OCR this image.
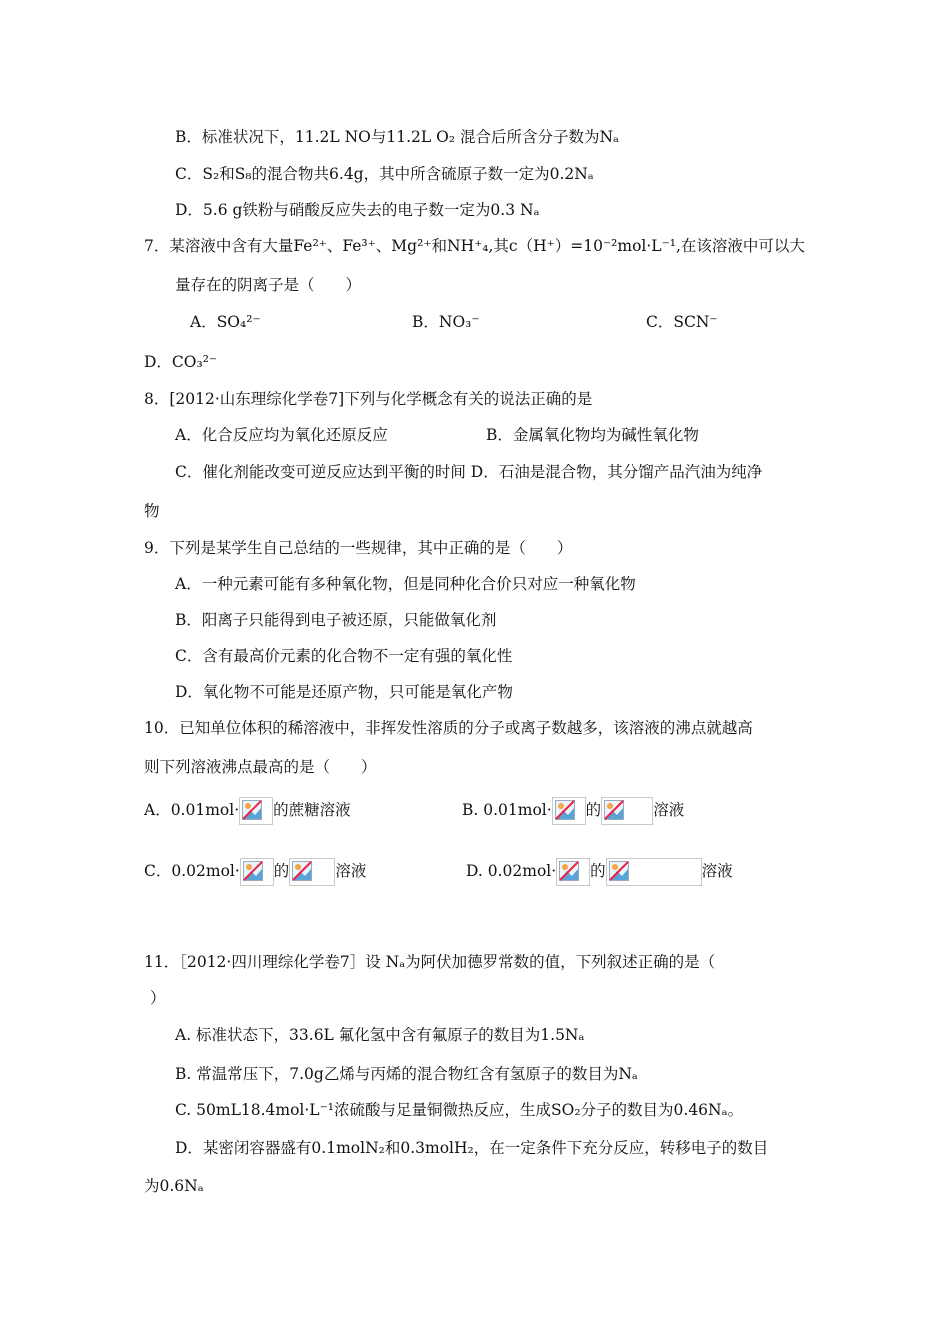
B．标准状况下，11.2L NO与11.2L O₂ 混合后所含分子数为Nₐ
C．S₂和S₈的混合物共6.4g，其中所含硫原子数一定为0.2Nₐ
D．5.6 g铁粉与硝酸反应失去的电子数一定为0.3 Nₐ
7．某溶液中含有大量Fe²⁺、Fe³⁺、Mg²⁺和NH⁺₄,其c（H⁺）=10⁻²mol·L⁻¹,在该溶液中可以大
量存在的阴离子是（　　）
A．SO₄²⁻	B．NO₃⁻	C．SCN⁻
D．CO₃²⁻
8．[2012·山东理综化学卷7]下列与化学概念有关的说法正确的是
A．化合反应均为氧化还原反应	B．金属氧化物均为碱性氧化物
C．催化剂能改变可逆反应达到平衡的时间 D．石油是混合物，其分馏产品汽油为纯净
物
9．下列是某学生自己总结的一些规律，其中正确的是（　　）
A．一种元素可能有多种氧化物，但是同种化合价只对应一种氧化物
B．阳离子只能得到电子被还原，只能做氧化剂
C．含有最高价元素的化合物不一定有强的氧化性
D．氧化物不可能是还原产物，只可能是氧化产物
10．已知单位体积的稀溶液中，非挥发性溶质的分子或离子数越多，该溶液的沸点就越高
则下列溶液沸点最高的是（　　）
A．0.01mol· 的蔗糖溶液	B. 0.01mol· 的	溶液
C．0.02mol· 的	溶液	D. 0.02mol· 的	溶液
11．［2012·四川理综化学卷7］设 Nₐ为阿伏加德罗常数的值，下列叙述正确的是（
）
A. 标准状态下，33.6L 氟化氢中含有氟原子的数目为1.5Nₐ
B. 常温常压下，7.0g乙烯与丙烯的混合物红含有氢原子的数目为Nₐ
C. 50mL18.4mol·L⁻¹浓硫酸与足量铜微热反应，生成SO₂分子的数目为0.46Nₐ。
D．某密闭容器盛有0.1molN₂和0.3molH₂，在一定条件下充分反应，转移电子的数目
为0.6Nₐ
